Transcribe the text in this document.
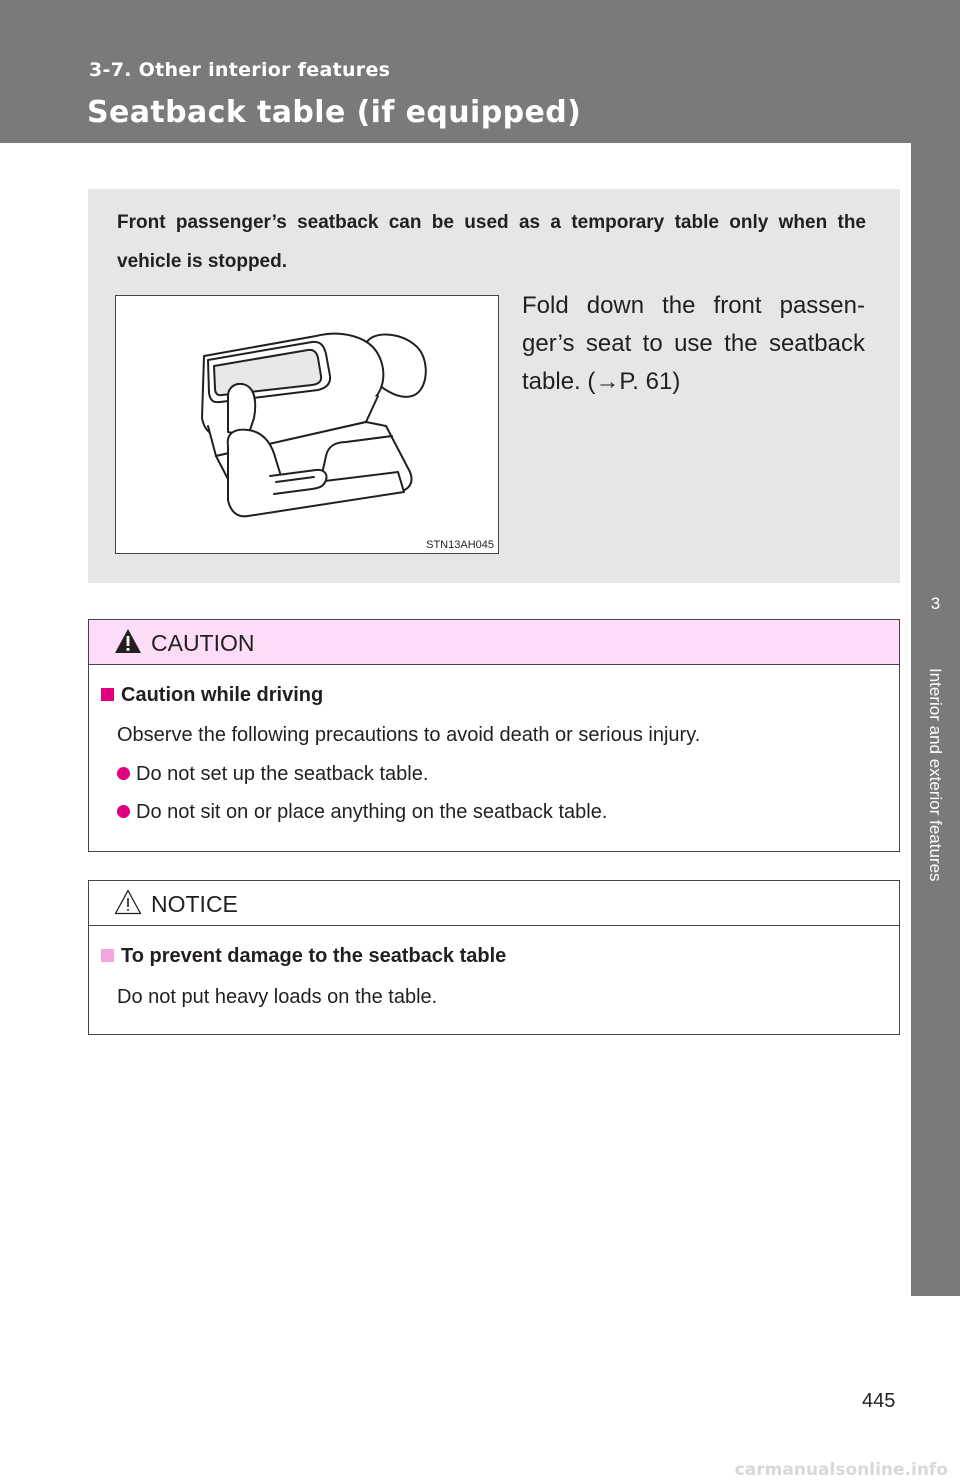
3-7. Other interior features
Seatback table (if equipped)
3
Interior and exterior features
Front passenger’s seatback can be used as a temporary table only when the vehicle is stopped.
STN13AH045
Fold down the front passen-
ger’s seat to use the seatback
table. (→P. 61)
CAUTION
Caution while driving
Observe the following precautions to avoid death or serious injury.
Do not set up the seatback table.
Do not sit on or place anything on the seatback table.
NOTICE
To prevent damage to the seatback table
Do not put heavy loads on the table.
445
carmanualsonline.info
